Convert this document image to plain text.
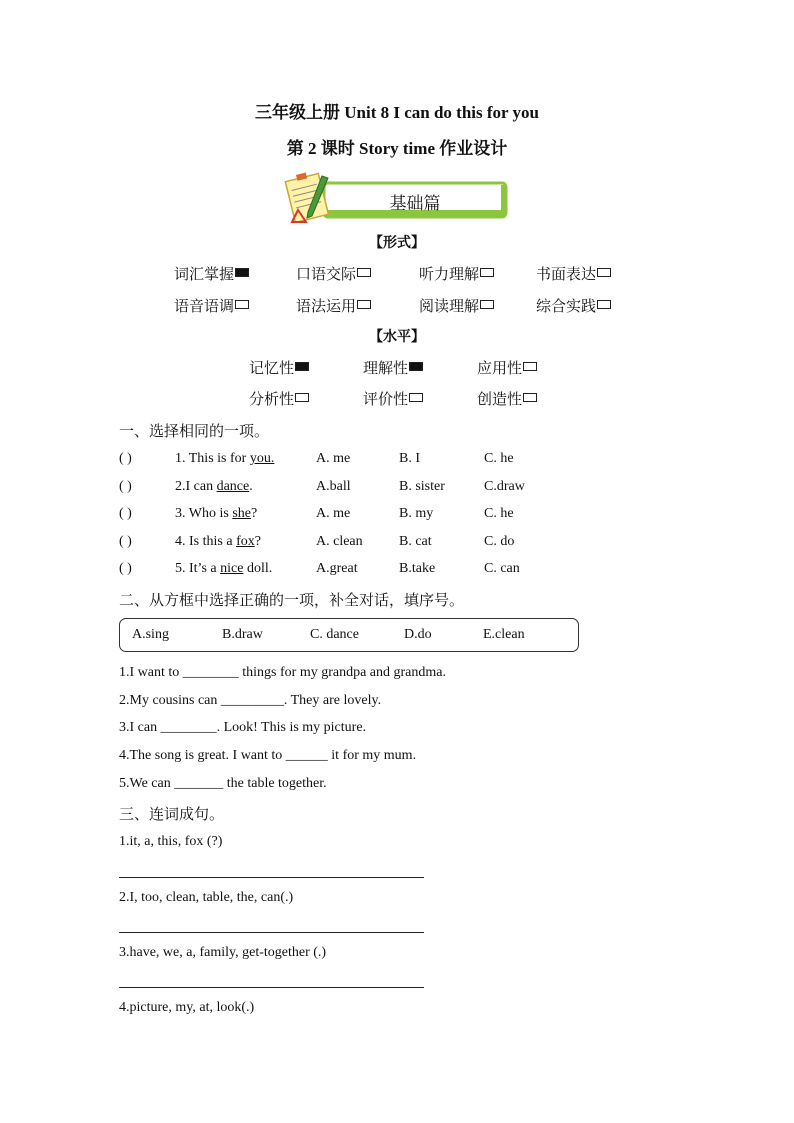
三年级上册 Unit 8 I can do this for you
第 2 课时 Story time 作业设计
基础篇
【形式】
词汇掌握	口语交际	听力理解	书面表达
语音语调	语法运用	阅读理解	综合实践
【水平】
记忆性	理解性	应用性
分析性	评价性	创造性
一、选择相同的一项。
( )	1. This is for you.	A. me	B. I	C. he
( )	2.I can dance.	A.ball	B. sister	C.draw
( )	3. Who is she?	A. me	B. my	C. he
( )	4. Is this a fox?	A. clean	B. cat	C. do
( )	5. It’s a nice doll.	A.great	B.take	C. can
二、从方框中选择正确的一项，补全对话，填序号。
A.sing	B.draw	C. dance	D.do	E.clean
1.I want to ________ things for my grandpa and grandma.
2.My cousins can _________. They are lovely.
3.I can ________. Look! This is my picture.
4.The song is great. I want to ______ it for my mum.
5.We can _______ the table together.
三、连词成句。
1.it, a, this, fox (?)
2.I, too, clean, table, the, can(.)
3.have, we, a, family, get-together (.)
4.picture, my, at, look(.)
